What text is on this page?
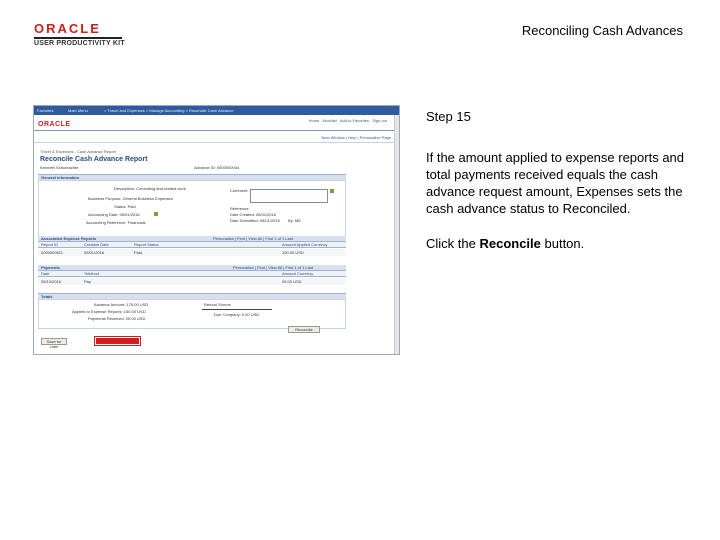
ORACLE
USER PRODUCTIVITY KIT
Reconciling Cash Advances
Favorites	Main Menu	> Travel and Expenses > Manage Accounting > Reconcile Cash Advance
ORACLE
Home   Worklist   Add to Favorites   Sign out
New Window | Help | Personalize Page
Travel & Expenses - Cash Advance Report
Reconcile Cash Advance Report
Kenneth Schumacher	Advance ID: 0000000044
General Information
Description: Consulting and related work
Business Purpose: General Business Expenses
Status: Paid
Accounting Date: 05/01/2016
Accounting Reference: Financials
Comment:
Reference:
Date Created: 05/01/2016
Date Submitted: 05/01/2016 By: ME
Associated Expense Reports	Personalize | Find | View All | First 1 of 1 Last
Report ID	Creation Date	Report Status	Amount Applied Currency
0000000511	05/01/2016	Paid	150.00 USD
Payments	Personalize | Find | View All | First 1 of 1 Last
Date	*Method	Amount Currency
05/10/2016	Pay	25.00 USD
Totals
Advance Amount: 175.00 USD
Applied to Expense Reports: 150.00 USD
Payments Received: 25.00 USD
Refund Source
Due Company: 0.00 USD
Reconcile
Save for Later

Step 15

If the amount applied to expense reports and total payments received equals the cash advance request amount, Expenses sets the cash advance status to Reconciled.

Click the Reconcile button.
